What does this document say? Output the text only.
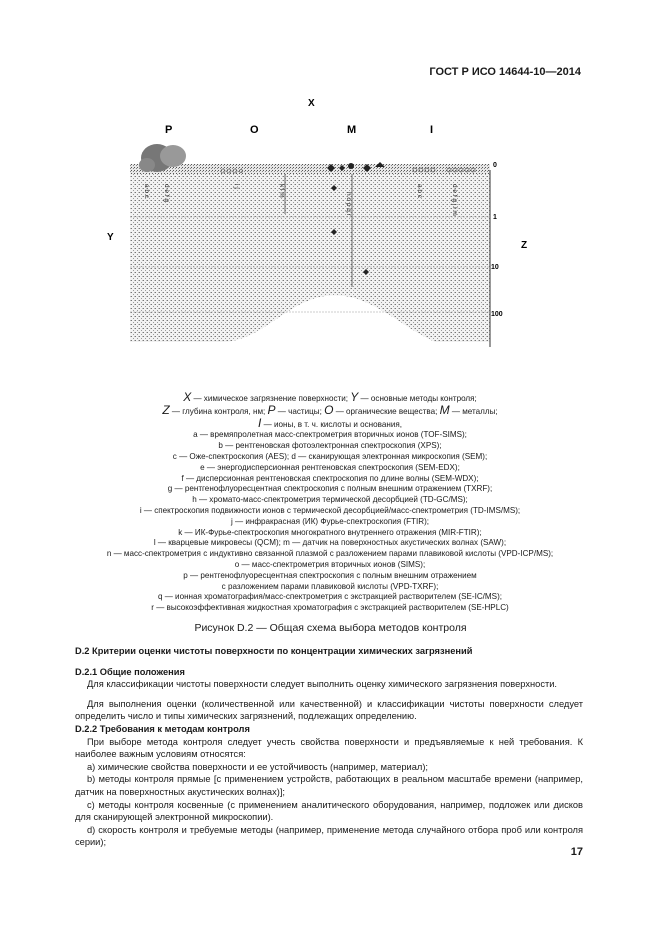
ГОСТ Р ИСО 14644-10—2014
X
P	O	M	I
Y
Z
0
1
10
100
a b c d e f g	i j	k l m
n o p q r
a b c	d e f g j l m
X — химическое загрязнение поверхности; Y — основные методы контроля;
Z — глубина контроля, нм; P — частицы; O — органические вещества; M — металлы;
I — ионы, в т. ч. кислоты и основания,
a — времяпролетная масс-спектрометрия вторичных ионов (TOF-SIMS);
b — рентгеновская фотоэлектронная спектроскопия (XPS);
c — Оже-спектроскопия (AES); d — сканирующая электронная микроскопия (SEM);
e — энергодисперсионная рентгеновская спектроскопия (SEM-EDX);
f — дисперсионная рентгеновская спектроскопия по длине волны (SEM-WDX);
g — рентгенофлуоресцентная спектроскопия с полным внешним отражением (TXRF);
h — хромато-масс-спектрометрия термической десорбцией (TD-GC/MS);
i — спектроскопия подвижности ионов с термической десорбцией/масс-спектрометрия (TD-IMS/MS);
j — инфракрасная (ИК) Фурье-спектроскопия (FTIR);
k — ИК-Фурье-спектроскопия многократного внутреннего отражения (MIR-FTIR);
l — кварцевые микровесы (QCM); m — датчик на поверхностных акустических волнах (SAW);
n — масс-спектрометрия с индуктивно связанной плазмой с разложением парами плавиковой кислоты (VPD-ICP/MS);
o — масс-спектрометрия вторичных ионов (SIMS);
p — рентгенофлуоресцентная спектроскопия с полным внешним отражением
с разложением парами плавиковой кислоты (VPD-TXRF);
q — ионная хроматография/масс-спектрометрия с экстракцией растворителем (SE-IC/MS);
r — высокоэффективная жидкостная хроматография с экстракцией растворителем (SE-HPLC)
Рисунок D.2 — Общая схема выбора методов контроля

D.2 Критерии оценки чистоты поверхности по концентрации химических загрязнений

D.2.1 Общие положения

Для классификации чистоты поверхности следует выполнить оценку химического загрязнения поверхности.

Для выполнения оценки (количественной или качественной) и классификации чистоты поверхности следует определить число и типы химических загрязнений, подлежащих определению.

D.2.2 Требования к методам контроля

При выборе метода контроля следует учесть свойства поверхности и предъявляемые к ней требования. К наиболее важным условиям относятся:

a) химические свойства поверхности и ее устойчивость (например, материал);

b) методы контроля прямые [с применением устройств, работающих в реальном масштабе времени (например, датчик на поверхностных акустических волнах)];

c) методы контроля косвенные (с применением аналитического оборудования, например, подложек или дисков для сканирующей электронной микроскопии).

d) скорость контроля и требуемые методы (например, применение метода случайного отбора проб или контроля серии);

17
